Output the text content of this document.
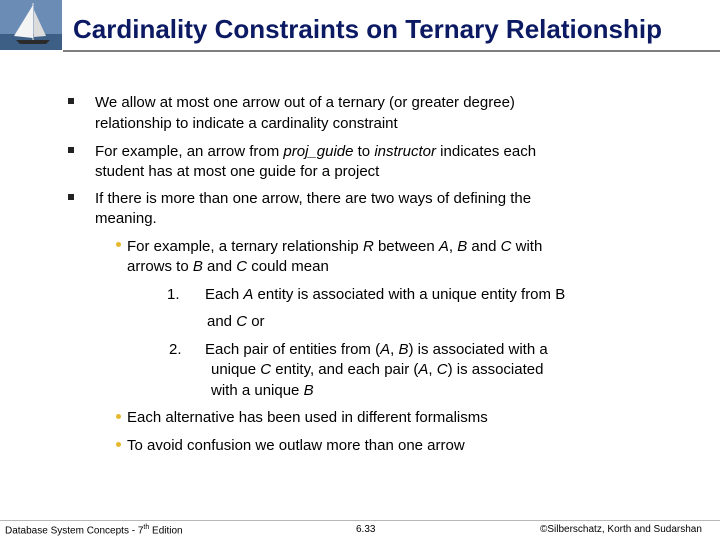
Cardinality Constraints on Ternary Relationship
We allow at most one arrow out of a ternary (or greater degree)
relationship to indicate a cardinality constraint
For example, an arrow from proj_guide to instructor indicates each
student has at most one guide for a project
If there is more than one arrow, there are two ways of defining the
meaning.
For example, a ternary relationship R between A, B and C with
arrows to B and C could mean
1. Each A entity is associated with a unique entity from B
and C or
2. Each pair of entities from (A, B) is associated with a
unique C entity, and each pair (A, C) is associated
with a unique B
Each alternative has been used in different formalisms
To avoid confusion we outlaw more than one arrow
Database System Concepts - 7th Edition	6.33	©Silberschatz, Korth and Sudarshan
